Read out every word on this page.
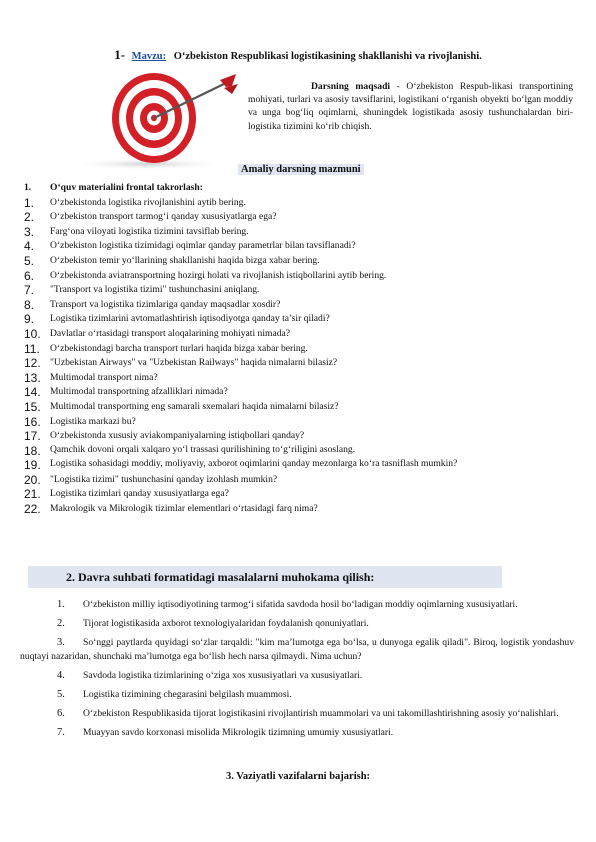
1- Mavzu: O‘zbekiston Respublikasi logistikasining shakllanishi va rivojlanishi.
Darsning maqsadi - O‘zbekiston Respub-likasi transportining mohiyati, turlari va asosiy tavsiflarini, logistikani o‘rganish obyekti bo‘lgan moddiy va unga bog‘liq oqimlarni, shuningdek logistikada asosiy tushunchalardan biri-logistika tizimini ko‘rib chiqish.
Amaliy darsning mazmuni
1.	O‘quv materialini frontal takrorlash:
1.	O‘zbekistonda logistika rivojlanishini aytib bering.
2.	O‘zbekiston transport tarmog‘i qanday xususiyatlarga ega?
3.	Farg‘ona viloyati logistika tizimini tavsiflab bering.
4.	O‘zbekiston logistika tizimidagi oqimlar qanday parametrlar bilan tavsiflanadi?
5.	O‘zbekiston temir yo‘llarining shakllanishi haqida bizga xabar bering.
6.	O‘zbekistonda aviatransportning hozirgi holati va rivojlanish istiqbollarini aytib bering.
7.	"Transport va logistika tizimi" tushunchasini aniqlang.
8.	Transport va logistika tizimlariga qanday maqsadlar xosdir?
9.	Logistika tizimlarini avtomatlashtirish iqtisodiyotga qanday ta’sir qiladi?
10. Davlatlar o‘rtasidagi transport aloqalarining mohiyati nimada?
11.	O‘zbekistondagi barcha transport turlari haqida bizga xabar bering.
12. "Uzbekistan Airways" va "Uzbekistan Railways" haqida nimalarni bilasiz?
13. Multimodal transport nima?
14. Multimodal transportning afzalliklari nimada?
15. Multimodal transportning eng samarali sxemalari haqida nimalarni bilasiz?
16. Logistika markazi bu?
17. O‘zbekistonda xususiy aviakompaniyalarning istiqbollari qanday?
18. Qamchik dovoni orqali xalqaro yo‘l trassasi qurilishining to‘g‘riligini asoslang.
19. Logistika sohasidagi moddiy, moliyaviy, axborot oqimlarini qanday mezonlarga ko‘ra tasniflash mumkin?
20. "Logistika tizimi" tushunchasini qanday izohlash mumkin?
21. Logistika tizimlari qanday xususiyatlarga ega?
22. Makrologik va Mikrologik tizimlar elementlari o‘rtasidagi farq nima?
2. Davra suhbati formatidagi masalalarni muhokama qilish:
1. O‘zbekiston milliy iqtisodiyotining tarmog‘i sifatida savdoda hosil bo‘ladigan moddiy oqimlarning xususiyatlari.
2. Tijorat logistikasida axborot texnologiyalaridan foydalanish qonuniyatlari.
3. So‘nggi paytlarda quyidagi so‘zlar tarqaldi: "kim ma’lumotga ega bo‘lsa, u dunyoga egalik qiladi". Biroq, logistik yondashuv nuqtayi nazaridan, shunchaki ma’lumotga ega bo‘lish hech narsa qilmaydi. Nima uchun?
4. Savdoda logistika tizimlarining o‘ziga xos xususiyatlari va xususiyatlari.
5. Logistika tizimining chegarasini belgilash muammosi.
6. O‘zbekiston Respublikasida tijorat logistikasini rivojlantirish muammolari va uni takomillashtirishning asosiy yo‘nalishlari.
7. Muayyan savdo korxonasi misolida Mikrologik tizimning umumiy xususiyatlari.
3. Vaziyatli vazifalarni bajarish:
